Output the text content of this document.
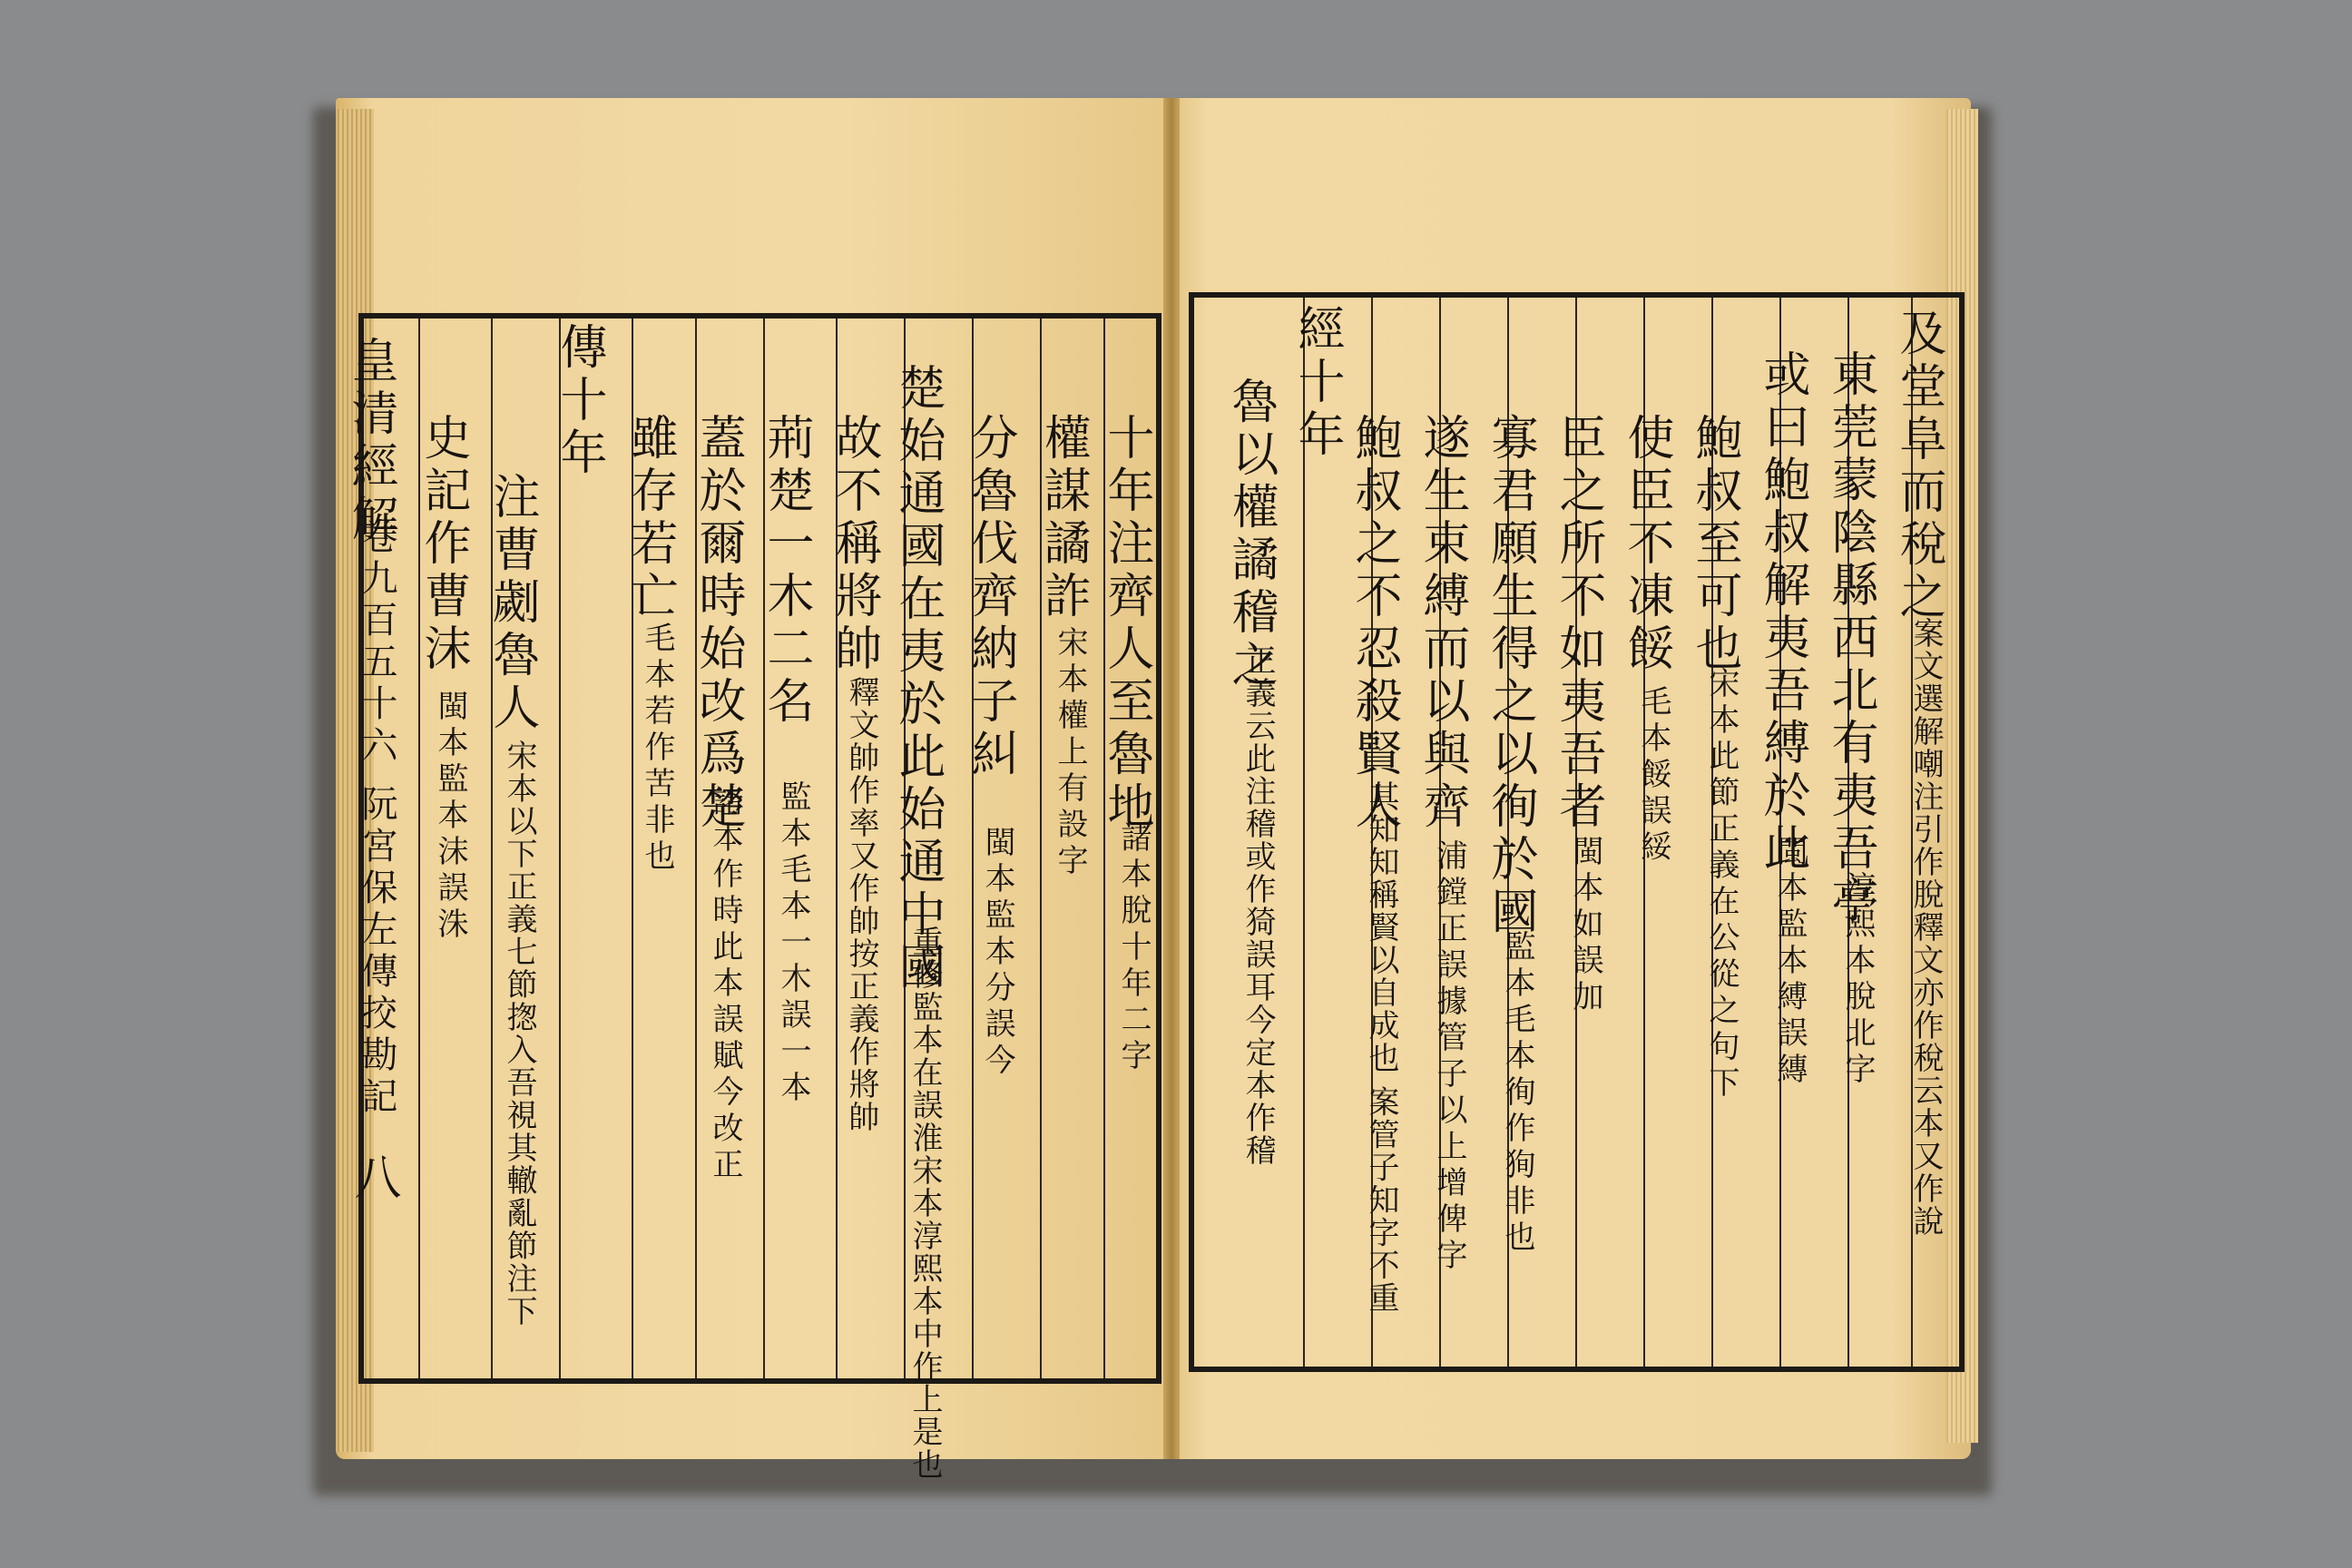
皇清經解
卷九百五十六 阮宮保左傳挍勘記
八
十年注齊人至魯地
諸本脫十年二字
權謀譎詐
宋本權上有設字
分魯伐齊納子糾
閩本監本分誤今
楚始通國在夷於此始通中國
重修監本在誤淮宋本淳熙本中作上是也
故不稱將帥
釋文帥作率又作帥按正義作將帥
荊楚一木二名
監本毛本一木誤一本
蓋於爾時始改爲楚
諸本作時此本誤賦今改正
雖存若亡
毛本若作苦非也
傳十年
注曹劌魯人
宋本以下正義七節揔入吾視其轍亂節注下
史記作曹沫
閩本監本沫誤洙
及堂阜而稅之
案文選解嘲注引作脫釋文亦作稅云本又作說
東莞蒙陰縣西北有夷吾亭
淳熙本脫北字
或曰鮑叔解夷吾縛於此
閩本監本縛誤縳
鮑叔至可也
宋本此節正義在公從之句下
使臣不凍餒
毛本餒誤綏
臣之所不如夷吾者
閩本如誤加
寡君願生得之以徇於國
監本毛本徇作狥非也
遂生束縛而以與齊
浦鏜正誤據管子以上增俾字
鮑叔之不忍殺賢人
其知知稱賢以自成也 案管子知字不重
經十年
魯以權譎稽之
正義云此注稽或作猗誤耳今定本作稽
